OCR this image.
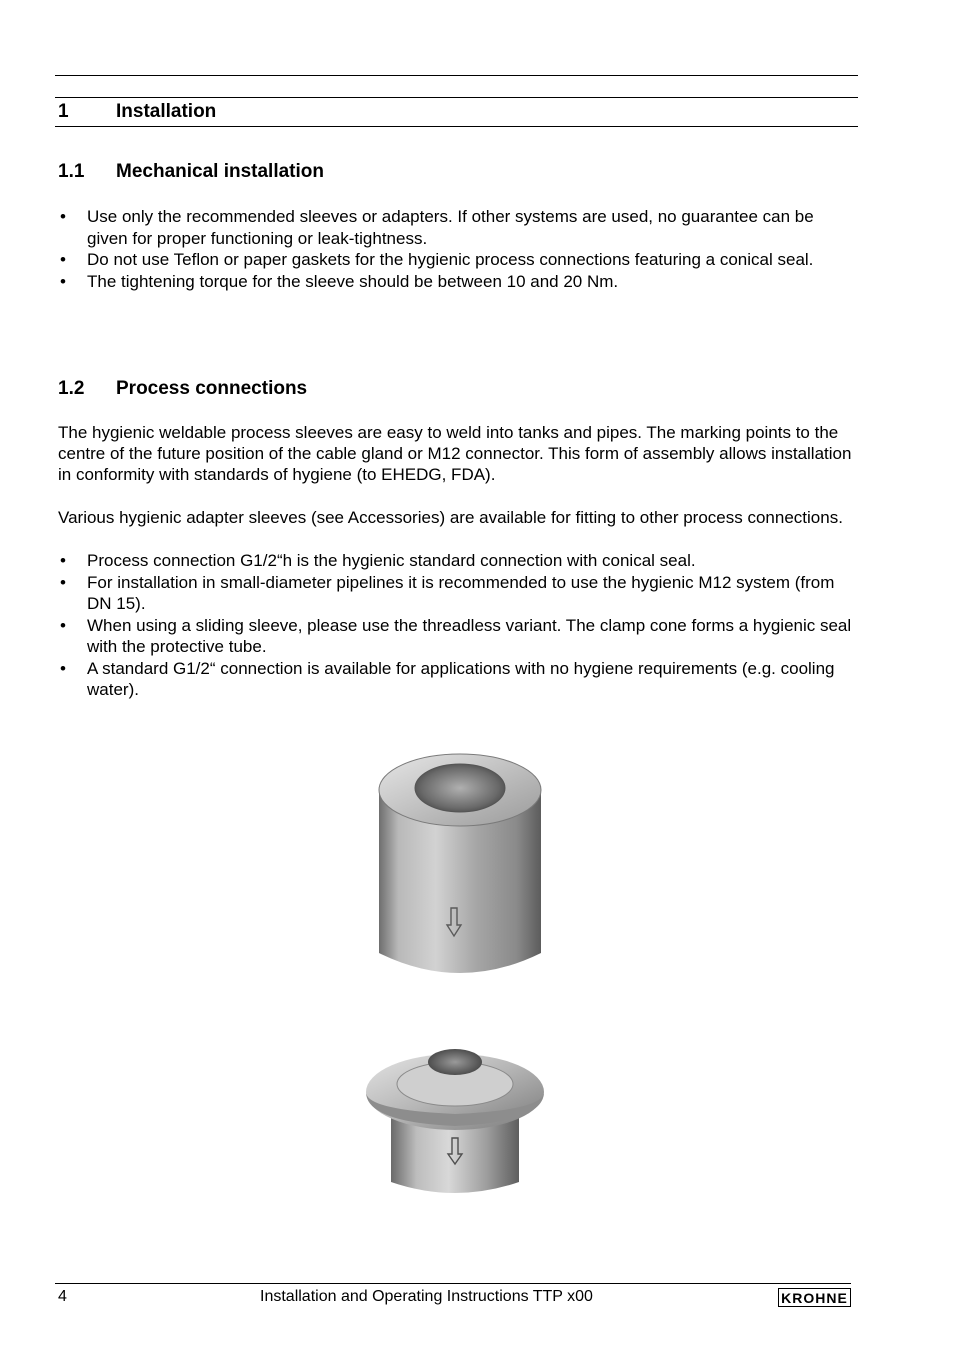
1 Installation
1.1 Mechanical installation
• Use only the recommended sleeves or adapters. If other systems are used, no guarantee can be given for proper functioning or leak-tightness.
• Do not use Teflon or paper gaskets for the hygienic process connections featuring a conical seal.
• The tightening torque for the sleeve should be between 10 and 20 Nm.
1.2 Process connections

The hygienic weldable process sleeves are easy to weld into tanks and pipes. The marking points to the centre of the future position of the cable gland or M12 connector. This form of assembly allows installation in conformity with standards of hygiene (to EHEDG, FDA).

Various hygienic adapter sleeves (see Accessories) are available for fitting to other process connections.

• Process connection G1/2“h is the hygienic standard connection with conical seal.
• For installation in small-diameter pipelines it is recommended to use the hygienic M12 system (from DN 15).
• When using a sliding sleeve, please use the threadless variant. The clamp cone forms a hygienic seal with the protective tube.
• A standard G1/2“ connection is available for applications with no hygiene requirements (e.g. cooling water).
4	Installation and Operating Instructions TTP x00	KROHNE
